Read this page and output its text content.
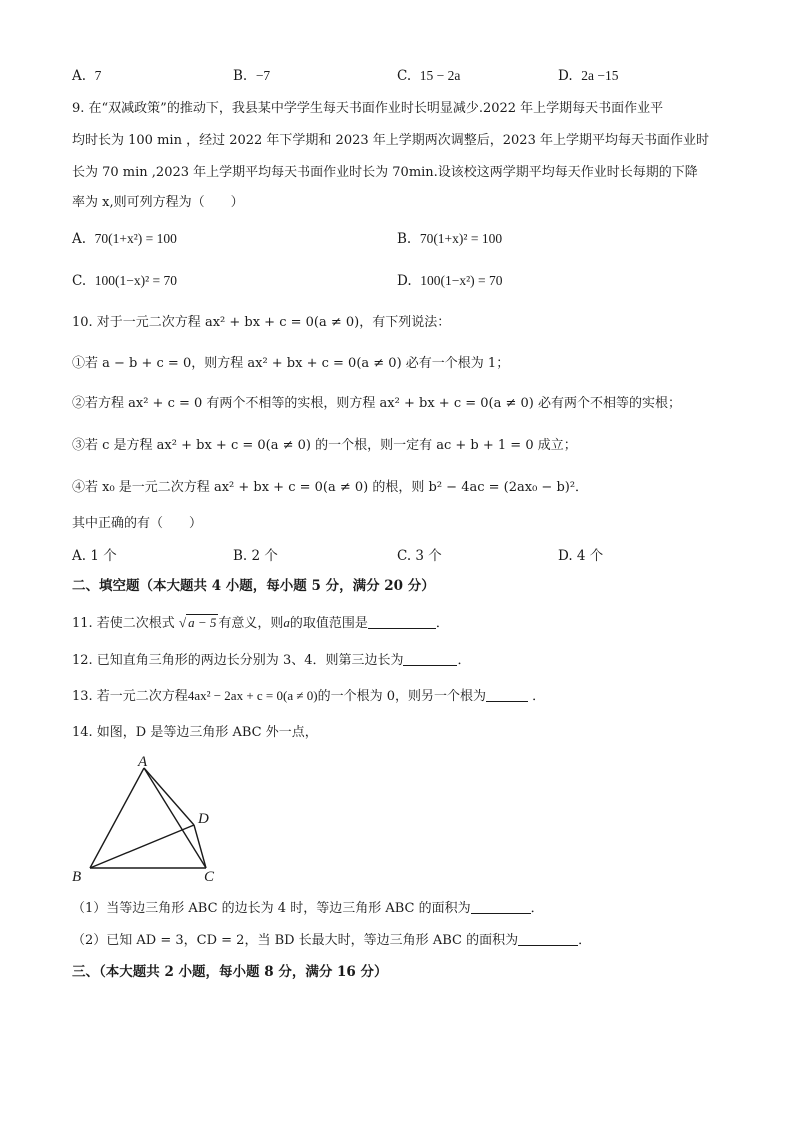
A. 7	B. −7	C. 15 − 2a	D. 2a −15
9. 在“双减政策”的推动下，我县某中学学生每天书面作业时长明显减少.2022 年上学期每天书面作业平
均时长为 100 min ，经过 2022 年下学期和 2023 年上学期两次调整后，2023 年上学期平均每天书面作业时
长为 70 min ,2023 年上学期平均每天书面作业时长为 70min.设该校这两学期平均每天作业时长每期的下降
率为 x,则可列方程为（　　）
A. 70(1+x²) = 100	B. 70(1+x)² = 100
C. 100(1−x)² = 70	D. 100(1−x²) = 70
10. 对于一元二次方程 ax² + bx + c = 0(a ≠ 0)，有下列说法：
①若 a − b + c = 0，则方程 ax² + bx + c = 0(a ≠ 0) 必有一个根为 1；
②若方程 ax² + c = 0 有两个不相等的实根，则方程 ax² + bx + c = 0(a ≠ 0) 必有两个不相等的实根；
③若 c 是方程 ax² + bx + c = 0(a ≠ 0) 的一个根，则一定有 ac + b + 1 = 0 成立；
④若 x₀ 是一元二次方程 ax² + bx + c = 0(a ≠ 0) 的根，则 b² − 4ac = (2ax₀ − b)²．
其中正确的有（　　）
A. 1 个	B. 2 个	C. 3 个	D. 4 个
二、填空题（本大题共 4 小题，每小题 5 分，满分 20 分）
11. 若使二次根式 √ a − 5 有意义，则a的取值范围是	．
12. 已知直角三角形的两边长分别为 3、4．则第三边长为	．
13. 若一元二次方程4ax² − 2ax + c = 0(a ≠ 0)的一个根为 0，则另一个根为	．
14. 如图，D 是等边三角形 ABC 外一点，
A
B	C
D
（1）当等边三角形 ABC 的边长为 4 时，等边三角形 ABC 的面积为	．
（2）已知 AD = 3，CD = 2，当 BD 长最大时，等边三角形 ABC 的面积为	．
三、（本大题共 2 小题，每小题 8 分，满分 16 分）
